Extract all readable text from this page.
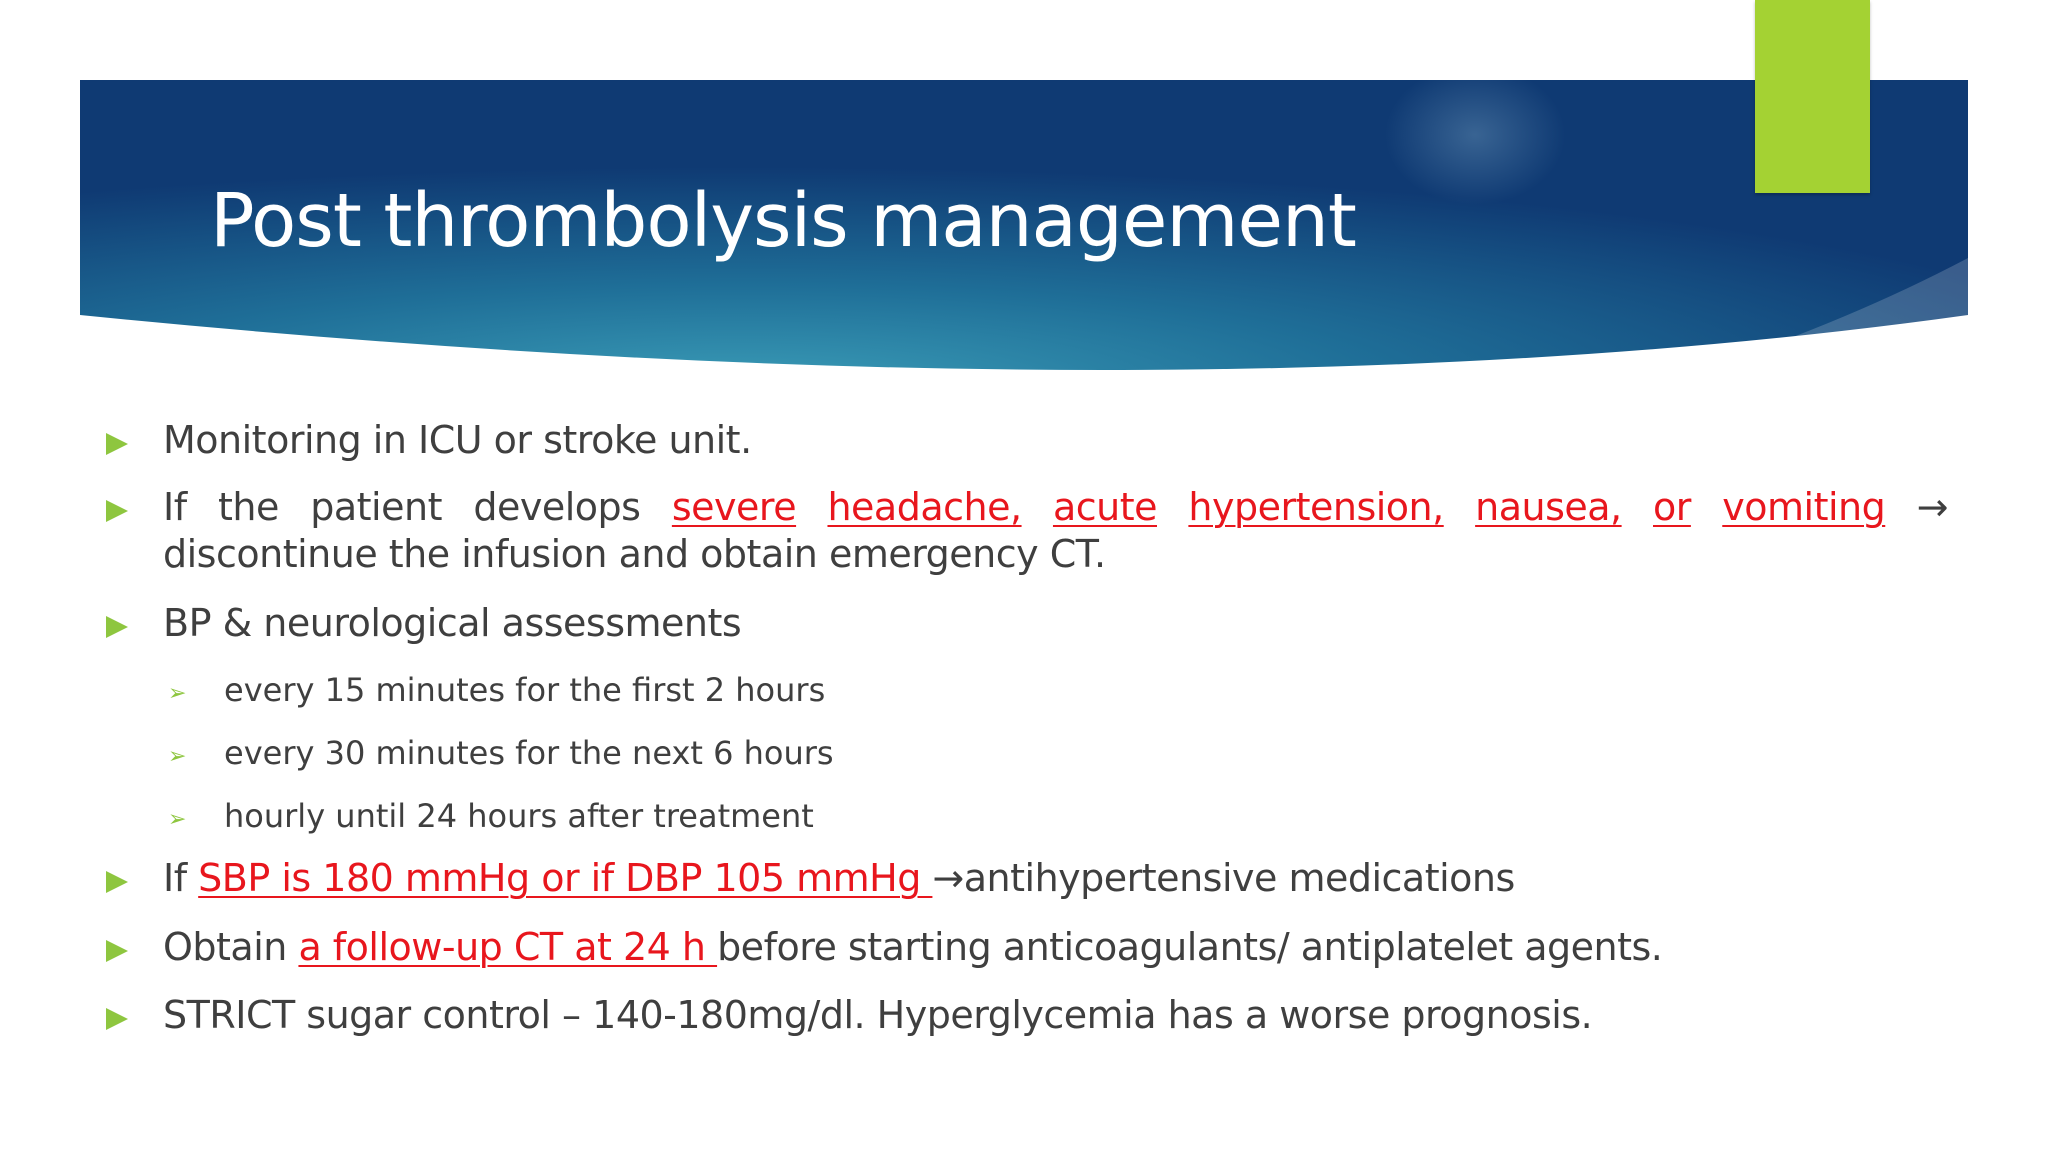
Post thrombolysis management
Monitoring in ICU or stroke unit.
If the patient develops severe headache, acute hypertension, nausea, or vomiting →
discontinue the infusion and obtain emergency CT.
BP & neurological assessments
➢ every 15 minutes for the first 2 hours
➢ every 30 minutes for the next 6 hours
➢ hourly until 24 hours after treatment
If SBP is 180 mmHg or if DBP 105 mmHg →antihypertensive medications
Obtain a follow-up CT at 24 h before starting anticoagulants/ antiplatelet agents.
STRICT sugar control – 140-180mg/dl. Hyperglycemia has a worse prognosis.
